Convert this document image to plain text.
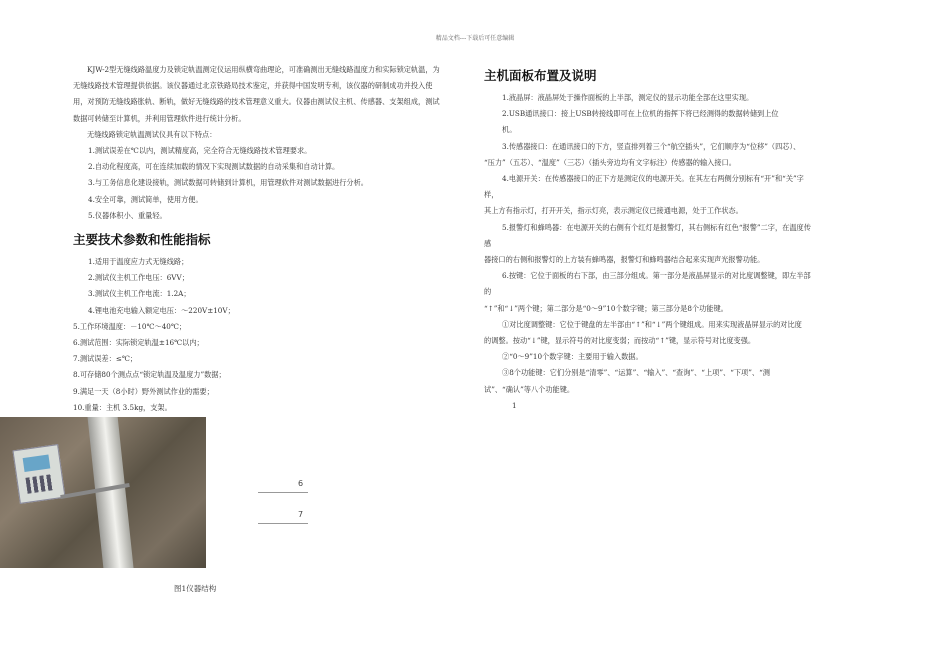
精品文档---下载后可任意编辑

KJW-2型无缝线路温度力及锁定轨温测定仪运用纵横弯曲理论，可准确测出无缝线路温度力和实际锁定轨温，为无缝线路技术管理提供依据。该仪器通过北京铁路局技术鉴定，并获得中国发明专利，该仪器的研制成功并投入使用，对预防无缝线路胀轨、断轨，做好无缝线路的技术管理意义重大。仪器由测试仪主机、传感器、支架组成，测试数据可转储至计算机，并利用管理软件进行统计分析。

无缝线路锁定轨温测试仪具有以下特点：

1.测试误差在℃以内，测试精度高，完全符合无缝线路技术管理要求。

2.自动化程度高，可在连续加载的情况下实现测试数据的自动采集和自动计算。

3.与工务信息化建设接轨，测试数据可转储到计算机，用管理软件对测试数据进行分析。

4.安全可靠，测试简单，使用方便。

5.仪器体积小、重量轻。

主要技术参数和性能指标

1.适用于温度应力式无缝线路；

2.测试仪主机工作电压：6VV；

3.测试仪主机工作电流：1.2A；

4.锂电池充电输入额定电压：～220V±10V；

5.工作环境温度：－10℃～40℃；

6.测试范围：实际锁定轨温±16℃以内；

7.测试误差：≤℃；

8.可存储80个测点点“锁定轨温及温度力”数据；

9.满足一天（8小时）野外测试作业的需要；

10.重量：主机 3.5kg，支架。

6
7
图1仪器结构

主机面板布置及说明

1.液晶屏：液晶屏处于操作面板的上半部，测定仪的显示功能全部在这里实现。

2.USB通讯接口：接上USB转接线即可在上位机的指挥下将已经测得的数据转储到上位

机。

3.传感器接口：在通讯接口的下方，竖直排列着三个“航空插头”，它们顺序为“位移”（四芯）、

“压力”（五芯）、“温度”（三芯）（插头旁边均有文字标注）传感器的输入接口。

4.电源开关：在传感器接口的正下方是测定仪的电源开关。在其左右两侧分别标有“开”和“关”字样，

其上方有指示灯，打开开关，指示灯亮，表示测定仪已接通电源，处于工作状态。

5.报警灯和蜂鸣器：在电源开关的右侧有个红灯是报警灯，其右侧标有红色“报警”二字，在温度传感

器接口的右侧和报警灯的上方装有蜂鸣器，报警灯和蜂鸣器结合起来实现声光报警功能。

6.按键：它位于面板的右下部，由三部分组成。第一部分是液晶屏显示的对比度调整键，即左半部的

“↑”和“↓”两个键；第二部分是“0～9”10个数字键；第三部分是8个功能键。

①对比度调整键：它位于键盘的左半部由“↑”和“↓”两个键组成。用来实现液晶屏显示的对比度

的调整。按动“↓”键，显示符号的对比度变弱；而按动“↑”键，显示符号对比度变强。

②“0～9”10个数字键：主要用于输入数据。

③8个功能键：它们分别是“清零”、“运算”、“输入”、“查询”、“上项”、“下项”、“测

试”、“确认”等八个功能键。

1
